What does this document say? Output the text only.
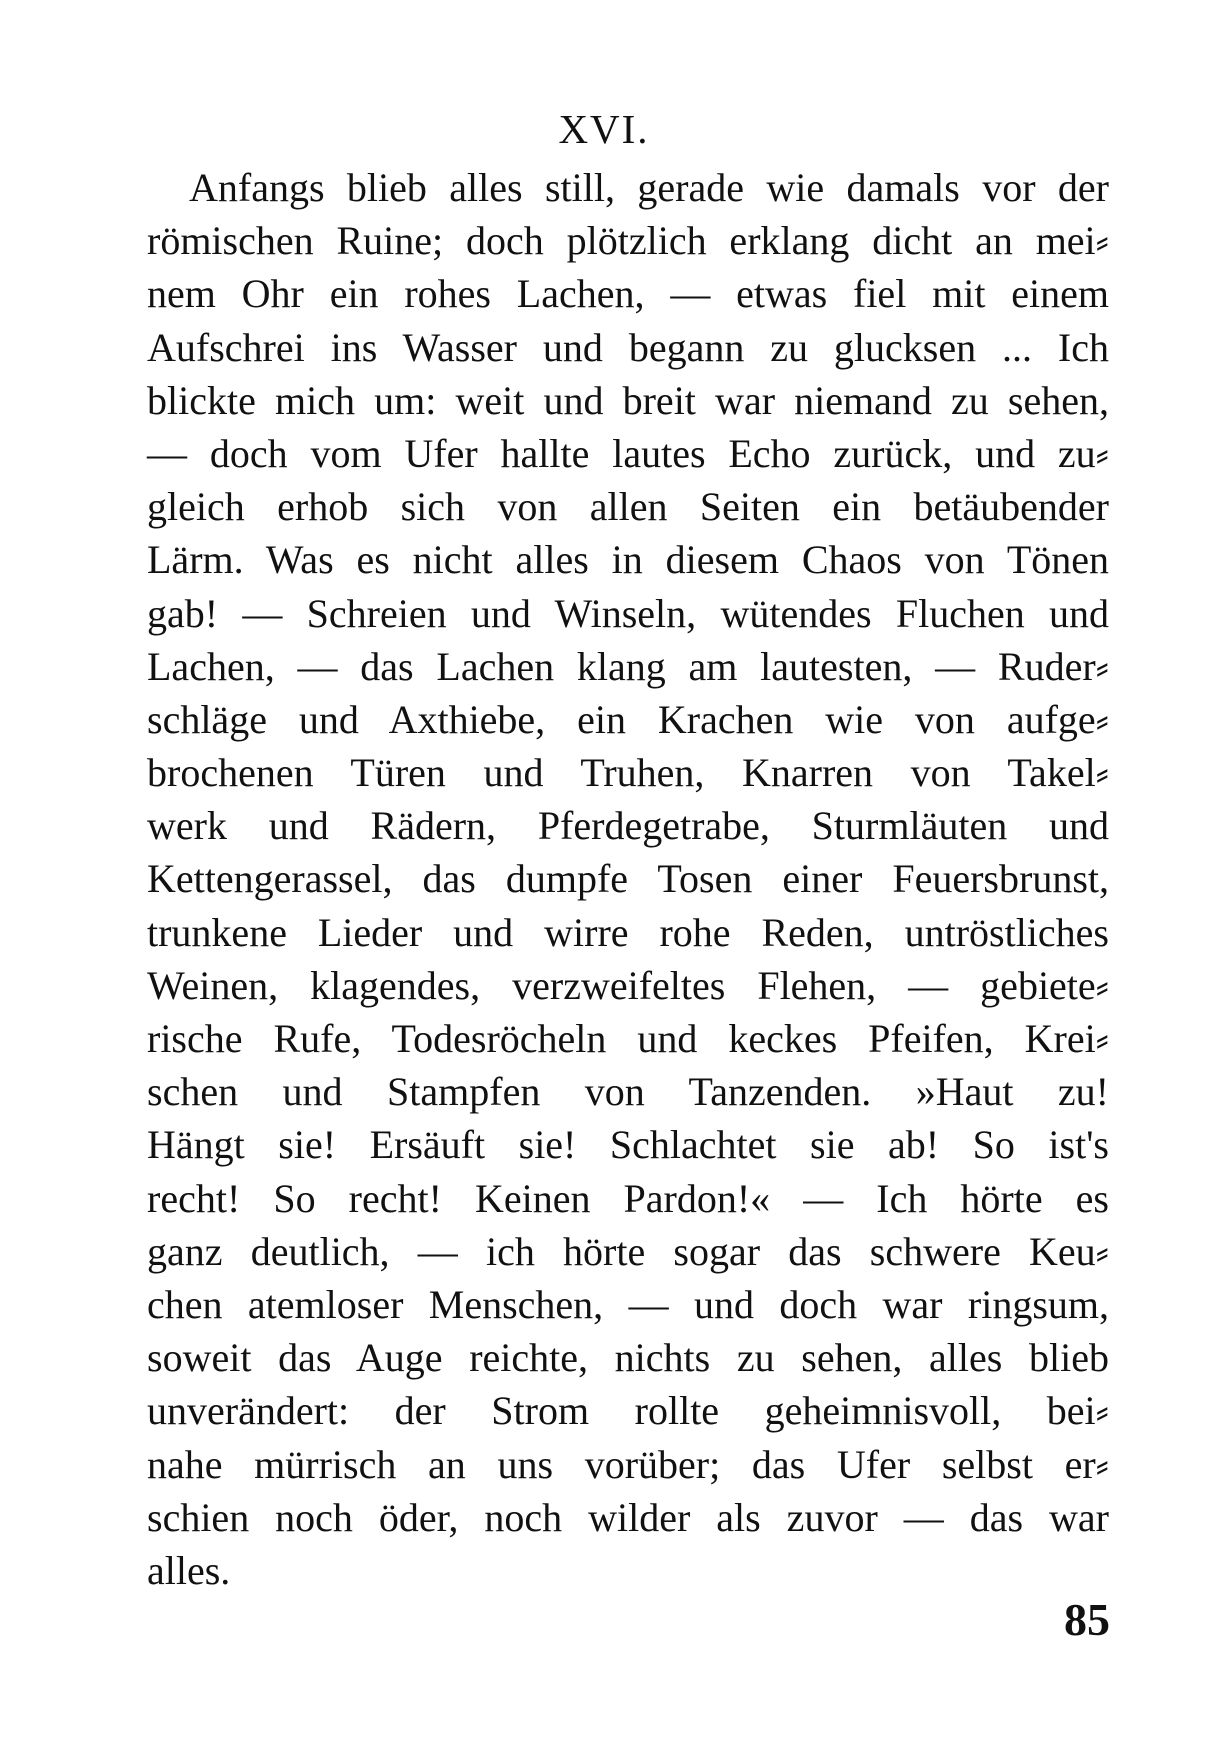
XVI.
Anfangs blieb alles still, gerade wie damals vor der
römischen Ruine; doch plötzlich erklang dicht an mei⸗
nem Ohr ein rohes Lachen, — etwas fiel mit einem
Aufschrei ins Wasser und begann zu glucksen ... Ich
blickte mich um: weit und breit war niemand zu sehen,
— doch vom Ufer hallte lautes Echo zurück, und zu⸗
gleich erhob sich von allen Seiten ein betäubender
Lärm. Was es nicht alles in diesem Chaos von Tönen
gab! — Schreien und Winseln, wütendes Fluchen und
Lachen, — das Lachen klang am lautesten, — Ruder⸗
schläge und Axthiebe, ein Krachen wie von aufge⸗
brochenen Türen und Truhen, Knarren von Takel⸗
werk und Rädern, Pferdegetrabe, Sturmläuten und
Kettengerassel, das dumpfe Tosen einer Feuersbrunst,
trunkene Lieder und wirre rohe Reden, untröstliches
Weinen, klagendes, verzweifeltes Flehen, — gebiete⸗
rische Rufe, Todesröcheln und keckes Pfeifen, Krei⸗
schen und Stampfen von Tanzenden. »Haut zu!
Hängt sie! Ersäuft sie! Schlachtet sie ab! So ist's
recht! So recht! Keinen Pardon!« — Ich hörte es
ganz deutlich, — ich hörte sogar das schwere Keu⸗
chen atemloser Menschen, — und doch war ringsum,
soweit das Auge reichte, nichts zu sehen, alles blieb
unverändert: der Strom rollte geheimnisvoll, bei⸗
nahe mürrisch an uns vorüber; das Ufer selbst er⸗
schien noch öder, noch wilder als zuvor — das war
alles.
85
